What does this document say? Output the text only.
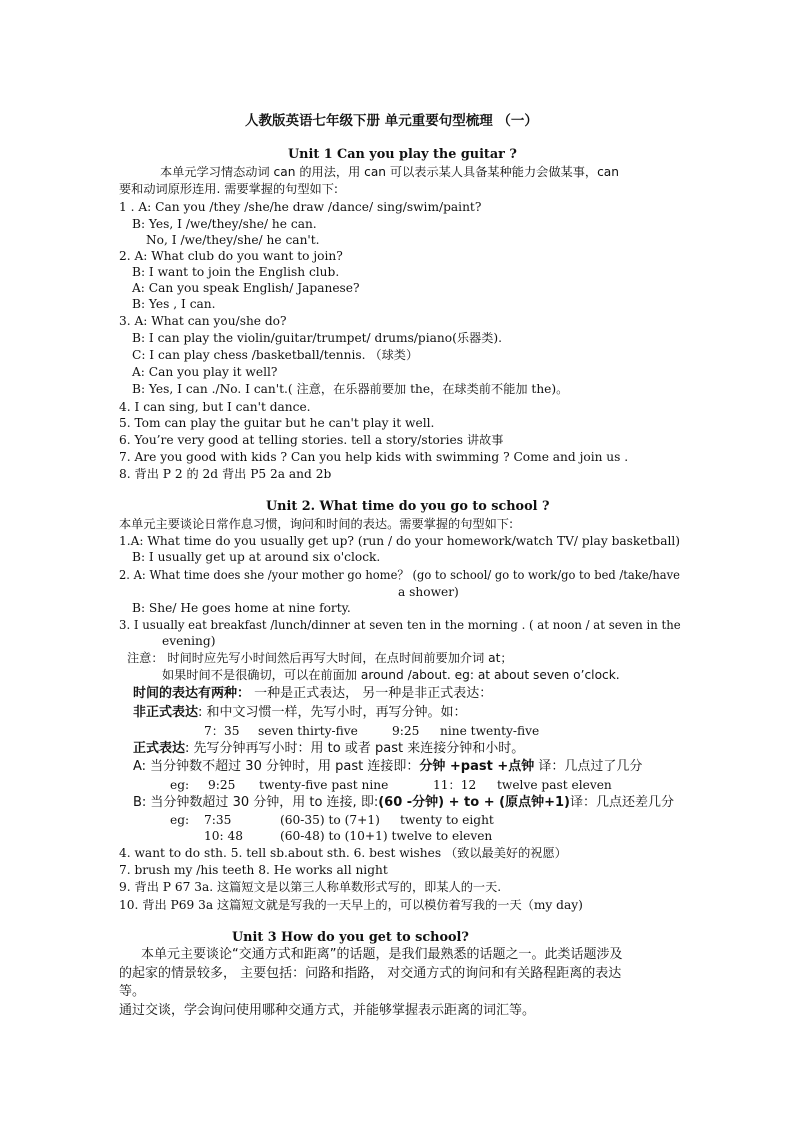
人教版英语七年级下册 单元重要句型梳理 （一）
Unit 1 Can you play the guitar ?
本单元学习情态动词 can 的用法，用 can 可以表示某人具备某种能力会做某事，can
要和动词原形连用. 需要掌握的句型如下:
1 . A: Can you /they /she/he draw /dance/ sing/swim/paint?
B: Yes, I /we/they/she/ he can.
No, I /we/they/she/ he can't.
2. A: What club do you want to join?
B: I want to join the English club.
A: Can you speak English/ Japanese?
B: Yes , I can.
3. A: What can you/she do?
B: I can play the violin/guitar/trumpet/ drums/piano(乐器类).
C: I can play chess /basketball/tennis. （球类）
A: Can you play it well?
B: Yes, I can ./No. I can't.( 注意，在乐器前要加 the，在球类前不能加 the)。
4. I can sing, but I can't dance.
5. Tom can play the guitar but he can't play it well.
6. You’re very good at telling stories. tell a story/stories 讲故事
7. Are you good with kids ? Can you help kids with swimming ? Come and join us .
8. 背出 P 2 的 2d 背出 P5 2a and 2b
Unit 2. What time do you go to school ?
本单元主要谈论日常作息习惯，询问和时间的表达。需要掌握的句型如下:
1.A: What time do you usually get up? (run / do your homework/watch TV/ play basketball)
B: I usually get up at around six o'clock.
2. A: What time does she /your mother go home？ (go to school/ go to work/go to bed /take/have
a shower)
B: She/ He goes home at nine forty.
3. I usually eat breakfast /lunch/dinner at seven ten in the morning . ( at noon / at seven in the
evening)
注意： 时间时应先写小时间然后再写大时间，在点时间前要加介词 at；
如果时间不是很确切，可以在前面加 around /about. eg: at about seven o’clock.
时间的表达有两种： 一种是正式表达， 另一种是非正式表达：
非正式表达: 和中文习惯一样，先写小时，再写分钟。如：
7：35 seven thirty-five	9:25 nine twenty-five
正式表达: 先写分钟再写小时：用 to 或者 past 来连接分钟和小时。
A: 当分钟数不超过 30 分钟时，用 past 连接即：分钟 +past +点钟 译：几点过了几分
eg: 9:25 twenty-five past nine	11：12 twelve past eleven
B: 当分钟数超过 30 分钟，用 to 连接, 即:(60 -分钟) + to + (原点钟+1)译：几点还差几分
eg: 7:35	(60-35) to (7+1) twenty to eight
10: 48	(60-48) to (10+1) twelve to eleven
4. want to do sth. 5. tell sb.about sth. 6. best wishes （致以最美好的祝愿）
7. brush my /his teeth 8. He works all night
9. 背出 P 67 3a. 这篇短文是以第三人称单数形式写的，即某人的一天.
10. 背出 P69 3a 这篇短文就是写我的一天早上的，可以模仿着写我的一天（my day)
Unit 3 How do you get to school?
本单元主要谈论“交通方式和距离”的话题，是我们最熟悉的话题之一。此类话题涉及
的起家的情景较多， 主要包括：问路和指路， 对交通方式的询问和有关路程距离的表达
等。
通过交谈，学会询问使用哪种交通方式，并能够掌握表示距离的词汇等。
